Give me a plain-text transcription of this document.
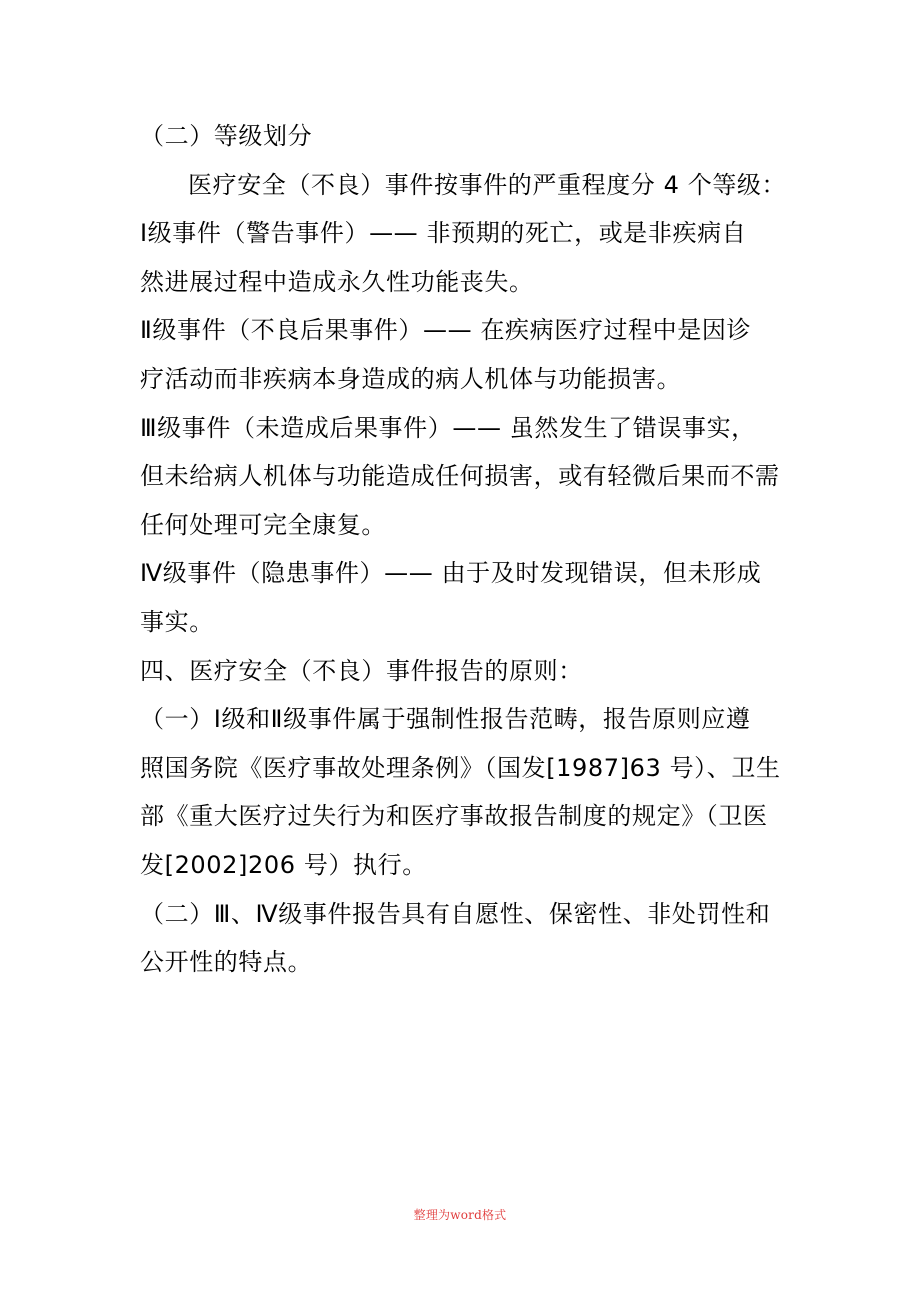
（二）等级划分

医疗安全（不良）事件按事件的严重程度分 4 个等级：

Ⅰ级事件（警告事件）—— 非预期的死亡，或是非疾病自
然进展过程中造成永久性功能丧失。

Ⅱ级事件（不良后果事件）—— 在疾病医疗过程中是因诊
疗活动而非疾病本身造成的病人机体与功能损害。

Ⅲ级事件（未造成后果事件）—— 虽然发生了错误事实，
但未给病人机体与功能造成任何损害，或有轻微后果而不需
任何处理可完全康复。

Ⅳ级事件（隐患事件）—— 由于及时发现错误，但未形成
事实。

四、医疗安全（不良）事件报告的原则：

（一）Ⅰ级和Ⅱ级事件属于强制性报告范畴，报告原则应遵
照国务院《医疗事故处理条例》（国发[1987]63 号）、卫生
部《重大医疗过失行为和医疗事故报告制度的规定》（卫医
发[2002]206 号）执行。

（二）Ⅲ、Ⅳ级事件报告具有自愿性、保密性、非处罚性和
公开性的特点。

整理为word格式
